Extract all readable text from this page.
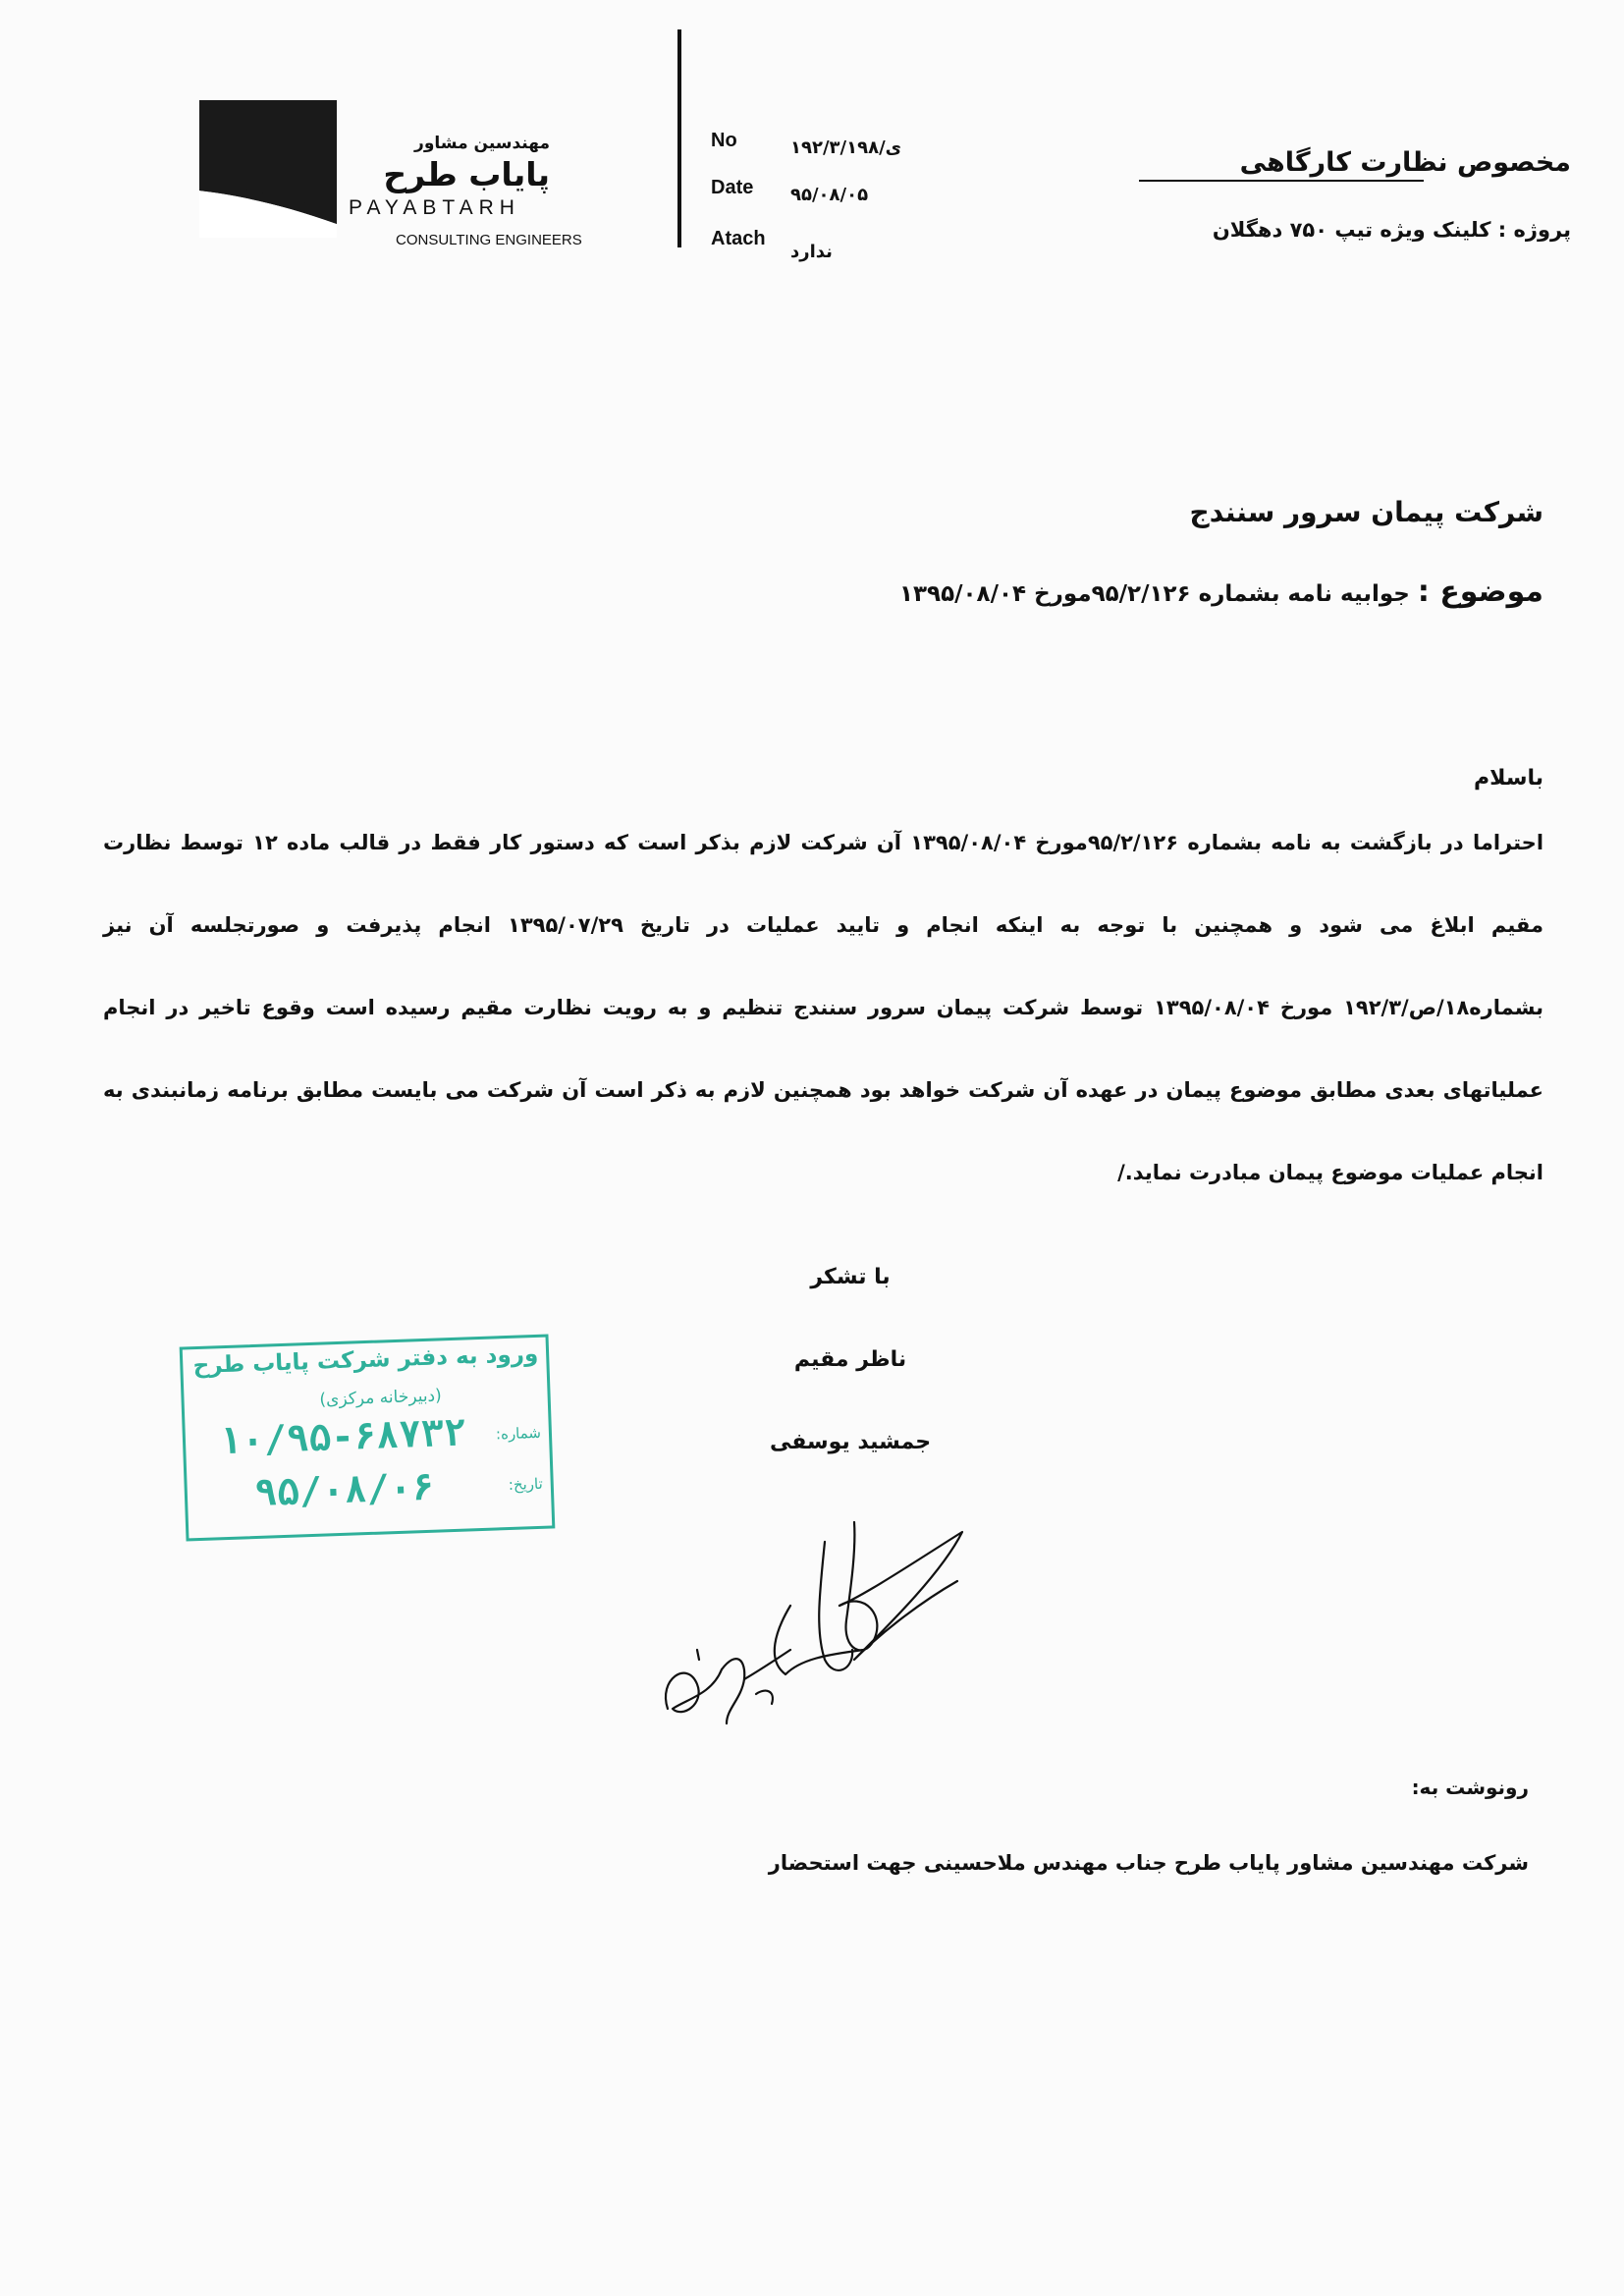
مهندسین مشاور
پایاب طرح
PAYABTARH
CONSULTING ENGINEERS
No	۱۹۲/۳/ی/۱۹۸
Date ۹۵/۰۸/۰۵
Atach
ندارد
مخصوص نظارت کارگاهی
پروژه : کلینک ویژه تیپ ۷۵۰ دهگلان
شرکت پیمان سرور سنندج
موضوع : جوابیه نامه بشماره ۹۵/۲/۱۲۶مورخ ۱۳۹۵/۰۸/۰۴
باسلام

احتراما در بازگشت به نامه بشماره ۹۵/۲/۱۲۶مورخ ۱۳۹۵/۰۸/۰۴ آن شرکت لازم بذکر است که دستور کار فقط در قالب ماده ۱۲ توسط نظارت

مقیم ابلاغ می شود و همچنین با توجه به اینکه انجام و تایید عملیات در تاریخ ۱۳۹۵/۰۷/۲۹ انجام پذیرفت و صورتجلسه آن نیز

بشماره۱۸/ص/۱۹۲/۳ مورخ ۱۳۹۵/۰۸/۰۴ توسط شرکت پیمان سرور سنندج تنظیم و به رویت نظارت مقیم رسیده است وقوع تاخیر در انجام

عملیاتهای بعدی مطابق موضوع پیمان در عهده آن شرکت خواهد بود همچنین لازم به ذکر است آن شرکت می بایست مطابق برنامه زمانبندی به

انجام عملیات موضوع پیمان مبادرت نماید./

با تشکر
ناظر مقیم
جمشید یوسفی
ورود به دفتر شرکت پایاب طرح
(دبیرخانه مرکزی)
شماره:
۱۰/۹۵-۶۸۷۳۲
تاریخ:
۹۵/۰۸/۰۶
رونوشت به:
شرکت مهندسین مشاور پایاب طرح جناب مهندس ملاحسینی جهت استحضار
